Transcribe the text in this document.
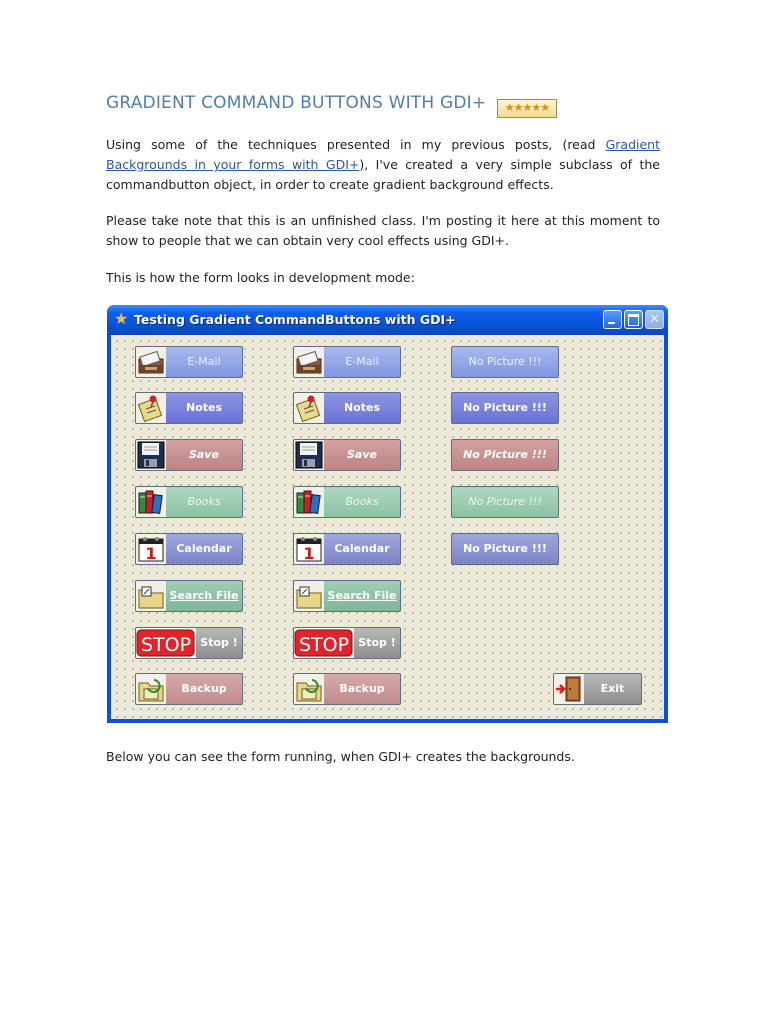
GRADIENT COMMAND BUTTONS WITH GDI+ ★★★★★
Using some of the techniques presented in my previous posts, (read Gradient Backgrounds in your forms with GDI+), I've created a very simple subclass of the commandbutton object, in order to create gradient background effects.
Please take note that this is an unfinished class. I'm posting it here at this moment to show to people that we can obtain very cool effects using GDI+.
This is how the form looks in development mode:
★ Testing Gradient CommandButtons with GDI+	✕
E-Mail
Notes
Save
Books
1	Calendar
Search File
STOP Stop !
Backup
E-Mail
Notes
Save
Books
1	Calendar
Search File
STOP Stop !
Backup
No Picture !!!
No Picture !!!
No Picture !!!
No Picture !!!
No Picture !!!
Exit
Below you can see the form running, when GDI+ creates the backgrounds.
